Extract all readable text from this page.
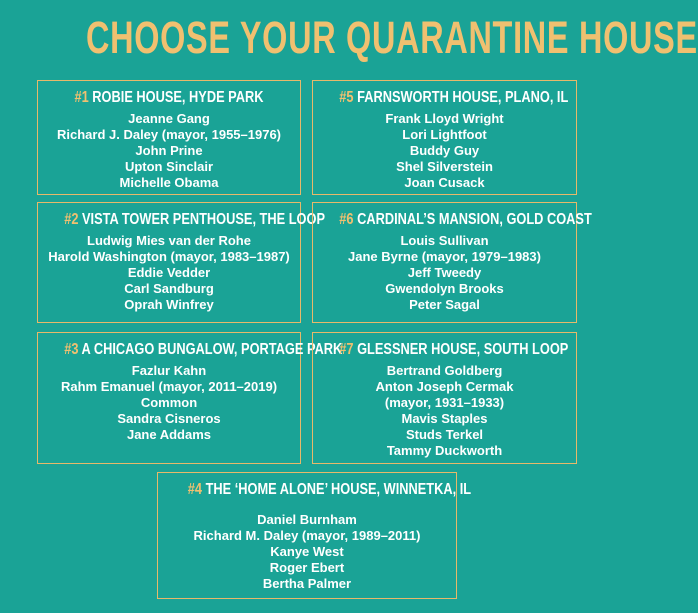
CHOOSE YOUR QUARANTINE HOUSE
#1 ROBIE HOUSE, HYDE PARK
Jeanne Gang
Richard J. Daley (mayor, 1955–1976)
John Prine
Upton Sinclair
Michelle Obama
#5 FARNSWORTH HOUSE, PLANO, IL
Frank Lloyd Wright
Lori Lightfoot
Buddy Guy
Shel Silverstein
Joan Cusack
#2 VISTA TOWER PENTHOUSE, THE LOOP
Ludwig Mies van der Rohe
Harold Washington (mayor, 1983–1987)
Eddie Vedder
Carl Sandburg
Oprah Winfrey
#6 CARDINAL’S MANSION, GOLD COAST
Louis Sullivan
Jane Byrne (mayor, 1979–1983)
Jeff Tweedy
Gwendolyn Brooks
Peter Sagal
#3 A CHICAGO BUNGALOW, PORTAGE PARK
Fazlur Kahn
Rahm Emanuel (mayor, 2011–2019)
Common
Sandra Cisneros
Jane Addams
#7 GLESSNER HOUSE, SOUTH LOOP
Bertrand Goldberg
Anton Joseph Cermak
(mayor, 1931–1933)
Mavis Staples
Studs Terkel
Tammy Duckworth
#4 THE ‘HOME ALONE’ HOUSE, WINNETKA, IL
Daniel Burnham
Richard M. Daley (mayor, 1989–2011)
Kanye West
Roger Ebert
Bertha Palmer
